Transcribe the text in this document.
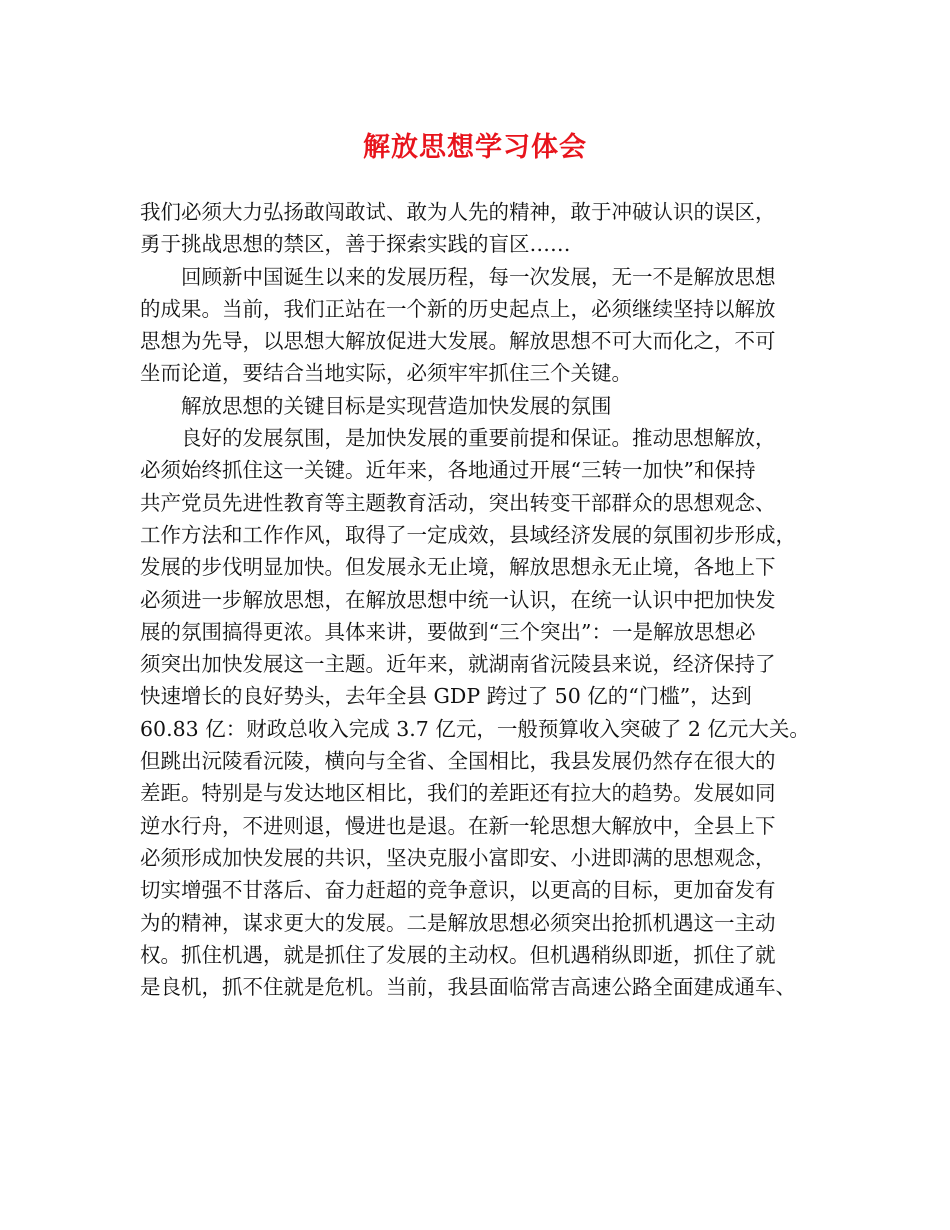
解放思想学习体会
我们必须大力弘扬敢闯敢试、敢为人先的精神，敢于冲破认识的误区，
勇于挑战思想的禁区，善于探索实践的盲区……
回顾新中国诞生以来的发展历程，每一次发展，无一不是解放思想
的成果。当前，我们正站在一个新的历史起点上，必须继续坚持以解放
思想为先导，以思想大解放促进大发展。解放思想不可大而化之，不可
坐而论道，要结合当地实际，必须牢牢抓住三个关键。
解放思想的关键目标是实现营造加快发展的氛围
良好的发展氛围，是加快发展的重要前提和保证。推动思想解放，
必须始终抓住这一关键。近年来，各地通过开展“三转一加快”和保持
共产党员先进性教育等主题教育活动，突出转变干部群众的思想观念、
工作方法和工作作风，取得了一定成效，县域经济发展的氛围初步形成，
发展的步伐明显加快。但发展永无止境，解放思想永无止境，各地上下
必须进一步解放思想，在解放思想中统一认识，在统一认识中把加快发
展的氛围搞得更浓。具体来讲，要做到“三个突出”：一是解放思想必
须突出加快发展这一主题。近年来，就湖南省沅陵县来说，经济保持了
快速增长的良好势头，去年全县 GDP 跨过了 50 亿的“门槛”，达到
60.83 亿：财政总收入完成 3.7 亿元，一般预算收入突破了 2 亿元大关。
但跳出沅陵看沅陵，横向与全省、全国相比，我县发展仍然存在很大的
差距。特别是与发达地区相比，我们的差距还有拉大的趋势。发展如同
逆水行舟，不进则退，慢进也是退。在新一轮思想大解放中，全县上下
必须形成加快发展的共识，坚决克服小富即安、小进即满的思想观念，
切实增强不甘落后、奋力赶超的竞争意识，以更高的目标，更加奋发有
为的精神，谋求更大的发展。二是解放思想必须突出抢抓机遇这一主动
权。抓住机遇，就是抓住了发展的主动权。但机遇稍纵即逝，抓住了就
是良机，抓不住就是危机。当前，我县面临常吉高速公路全面建成通车、
